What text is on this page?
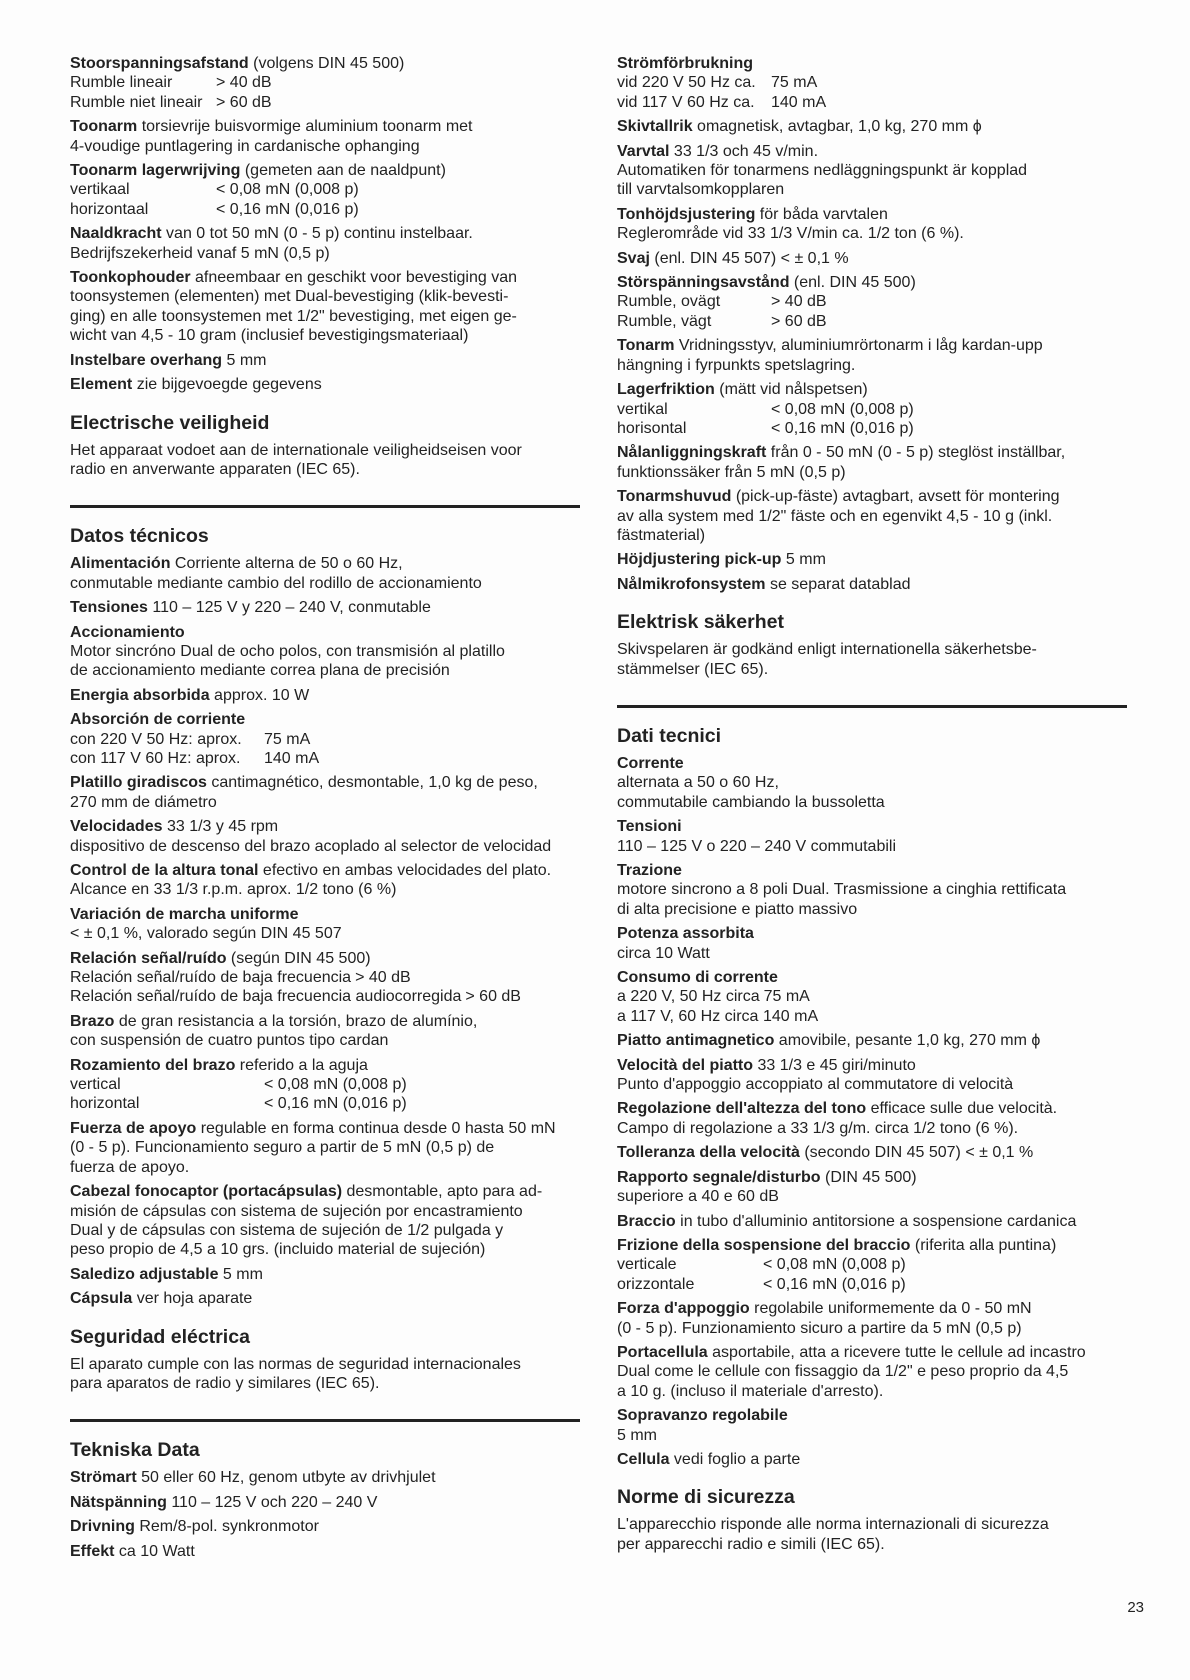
Stoorspanningsafstand (volgens DIN 45 500)
Rumble lineair	> 40 dB
Rumble niet lineair > 60 dB
Toonarm torsievrije buisvormige aluminium toonarm met
4-voudige puntlagering in cardanische ophanging
Toonarm lagerwrijving (gemeten aan de naaldpunt)
vertikaal	< 0,08 mN (0,008 p)
horizontaal	< 0,16 mN (0,016 p)
Naaldkracht van 0 tot 50 mN (0 - 5 p) continu instelbaar.
Bedrijfszekerheid vanaf 5 mN (0,5 p)
Toonkophouder afneembaar en geschikt voor bevestiging van
toonsystemen (elementen) met Dual-bevestiging (klik-bevesti-
ging) en alle toonsystemen met 1/2" bevestiging, met eigen ge-
wicht van 4,5 - 10 gram (inclusief bevestigingsmateriaal)
Instelbare overhang 5 mm
Element zie bijgevoegde gegevens
Electrische veiligheid
Het apparaat vodoet aan de internationale veiligheidseisen voor
radio en anverwante apparaten (IEC 65).
Datos técnicos
Alimentación Corriente alterna de 50 o 60 Hz,
conmutable mediante cambio del rodillo de accionamiento
Tensiones 110 – 125 V y 220 – 240 V, conmutable
Accionamiento
Motor sincróno Dual de ocho polos, con transmisión al platillo
de accionamiento mediante correa plana de precisión
Energia absorbida approx. 10 W
Absorción de corriente
con 220 V 50 Hz: aprox. 75 mA
con 117 V 60 Hz: aprox. 140 mA
Platillo giradiscos cantimagnético, desmontable, 1,0 kg de peso,
270 mm de diámetro
Velocidades 33 1/3 y 45 rpm
dispositivo de descenso del brazo acoplado al selector de velocidad
Control de la altura tonal efectivo en ambas velocidades del plato.
Alcance en 33 1/3 r.p.m. aprox. 1/2 tono (6 %)
Variación de marcha uniforme
< ± 0,1 %, valorado según DIN 45 507
Relación señal/ruído (según DIN 45 500)
Relación señal/ruído de baja frecuencia > 40 dB
Relación señal/ruído de baja frecuencia audiocorregida > 60 dB
Brazo de gran resistancia a la torsión, brazo de alumínio,
con suspensión de cuatro puntos tipo cardan
Rozamiento del brazo referido a la aguja
vertical	< 0,08 mN (0,008 p)
horizontal	< 0,16 mN (0,016 p)
Fuerza de apoyo regulable en forma continua desde 0 hasta 50 mN
(0 - 5 p). Funcionamiento seguro a partir de 5 mN (0,5 p) de
fuerza de apoyo.
Cabezal fonocaptor (portacápsulas) desmontable, apto para ad-
misión de cápsulas con sistema de sujeción por encastramiento
Dual y de cápsulas con sistema de sujeción de 1/2 pulgada y
peso propio de 4,5 a 10 grs. (incluido material de sujeción)
Saledizo adjustable 5 mm
Cápsula ver hoja aparate
Seguridad eléctrica
El aparato cumple con las normas de seguridad internacionales
para aparatos de radio y similares (IEC 65).
Tekniska Data
Strömart 50 eller 60 Hz, genom utbyte av drivhjulet
Nätspänning 110 – 125 V och 220 – 240 V
Drivning Rem/8-pol. synkronmotor
Effekt ca 10 Watt
Strömförbrukning
vid 220 V 50 Hz ca. 75 mA
vid 117 V 60 Hz ca. 140 mA
Skivtallrik omagnetisk, avtagbar, 1,0 kg, 270 mm ϕ
Varvtal 33 1/3 och 45 v/min.
Automatiken för tonarmens nedläggningspunkt är kopplad
till varvtalsomkopplaren
Tonhöjdsjustering för båda varvtalen
Reglerområde vid 33 1/3 V/min ca. 1/2 ton (6 %).
Svaj (enl. DIN 45 507) < ± 0,1 %
Störspänningsavstånd (enl. DIN 45 500)
Rumble, ovägt	> 40 dB
Rumble, vägt	> 60 dB
Tonarm Vridningsstyv, aluminiumrörtonarm i låg kardan-upp
hängning i fyrpunkts spetslagring.
Lagerfriktion (mätt vid nålspetsen)
vertikal	< 0,08 mN (0,008 p)
horisontal	< 0,16 mN (0,016 p)
Nålanliggningskraft från 0 - 50 mN (0 - 5 p) steglöst inställbar,
funktionssäker från 5 mN (0,5 p)
Tonarmshuvud (pick-up-fäste) avtagbart, avsett för montering
av alla system med 1/2" fäste och en egenvikt 4,5 - 10 g (inkl.
fästmaterial)
Höjdjustering pick-up 5 mm
Nålmikrofonsystem se separat datablad
Elektrisk säkerhet
Skivspelaren är godkänd enligt internationella säkerhetsbe-
stämmelser (IEC 65).
Dati tecnici
Corrente
alternata a 50 o 60 Hz,
commutabile cambiando la bussoletta
Tensioni
110 – 125 V o 220 – 240 V commutabili
Trazione
motore sincrono a 8 poli Dual. Trasmissione a cinghia rettificata
di alta precisione e piatto massivo
Potenza assorbita
circa 10 Watt
Consumo di corrente
a 220 V, 50 Hz circa 75 mA
a 117 V, 60 Hz circa 140 mA
Piatto antimagnetico amovibile, pesante 1,0 kg, 270 mm ϕ
Velocità del piatto 33 1/3 e 45 giri/minuto
Punto d'appoggio accoppiato al commutatore di velocità
Regolazione dell'altezza del tono efficace sulle due velocità.
Campo di regolazione a 33 1/3 g/m. circa 1/2 tono (6 %).
Tolleranza della velocità (secondo DIN 45 507) < ± 0,1 %
Rapporto segnale/disturbo (DIN 45 500)
superiore a 40 e 60 dB
Braccio in tubo d'alluminio antitorsione a sospensione cardanica
Frizione della sospensione del braccio (riferita alla puntina)
verticale	< 0,08 mN (0,008 p)
orizzontale	< 0,16 mN (0,016 p)
Forza d'appoggio regolabile uniformemente da 0 - 50 mN
(0 - 5 p). Funzionamiento sicuro a partire da 5 mN (0,5 p)
Portacellula asportabile, atta a ricevere tutte le cellule ad incastro
Dual come le cellule con fissaggio da 1/2" e peso proprio da 4,5
a 10 g. (incluso il materiale d'arresto).
Sopravanzo regolabile
5 mm
Cellula vedi foglio a parte
Norme di sicurezza
L'apparecchio risponde alle norma internazionali di sicurezza
per apparecchi radio e simili (IEC 65).
23
